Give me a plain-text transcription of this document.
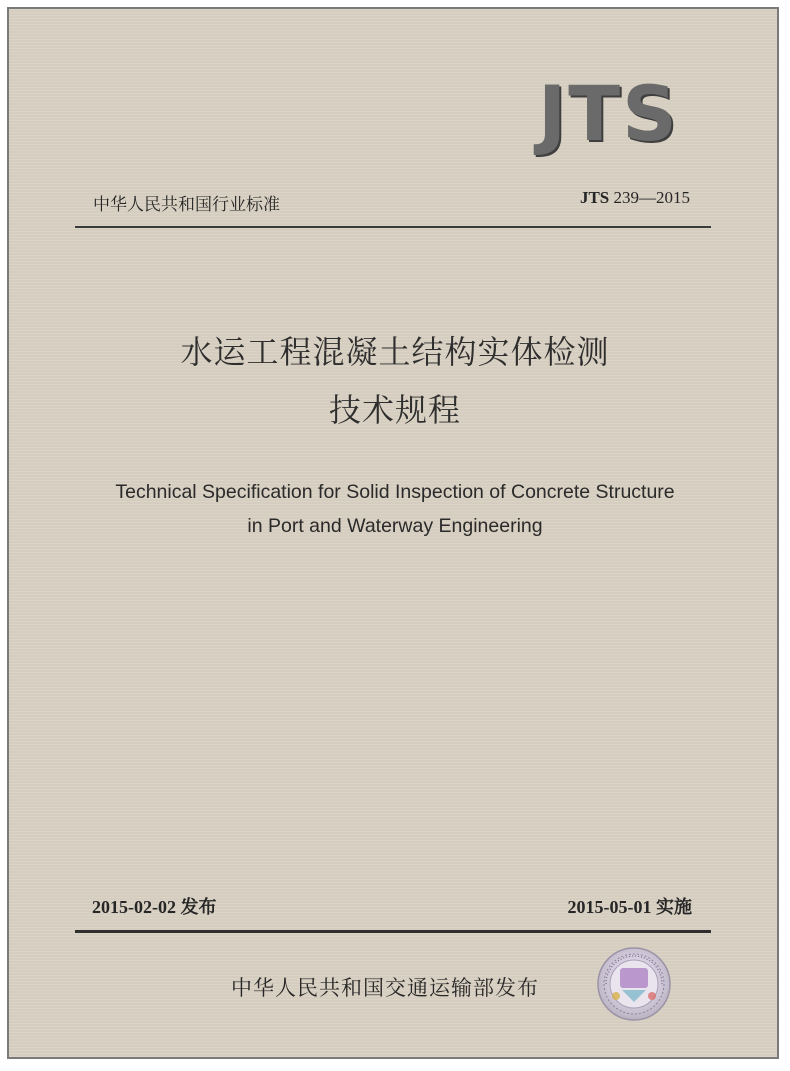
JTS
中华人民共和国行业标准	JTS 239—2015
水运工程混凝土结构实体检测
技术规程
Technical Specification for Solid Inspection of Concrete Structure
in Port and Waterway Engineering
2015-02-02 发布	2015-05-01 实施
中华人民共和国交通运输部发布
